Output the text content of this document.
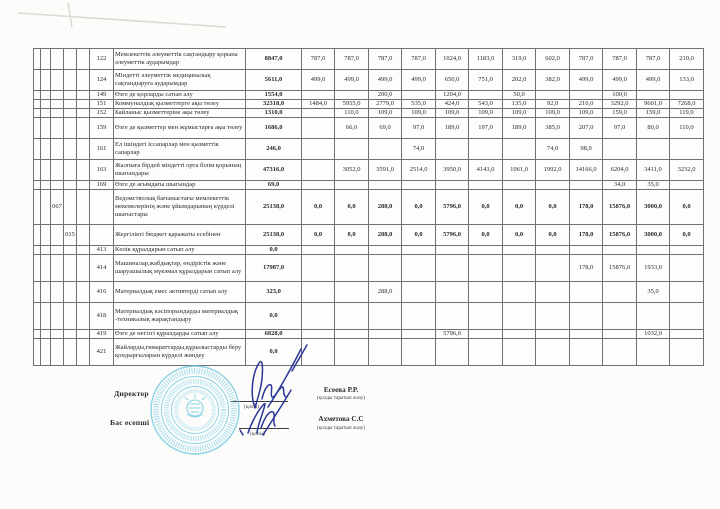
					122	Мемлекеттік әлеуметтік сақтандыру қорына әлеуметтік аударымдар	8847,0	787,0	787,0	787,0	787,0	1024,0	1183,0	319,0	602,0	787,0	787,0	787,0	210,0
					124	Міндетті әлеуметтік медициналық сақтандыруға аударымдар	5611,0	499,0	499,0	499,0	499,0	650,0	751,0	202,0	382,0	499,0	499,0	499,0	133,0
					149	Өзге де қорларды сатып алу	1554,0			200,0		1204,0		50,0			100,0		
					151	Коммуналдық қызметтерге ақы төлеу	32318,0	1484,0	5955,0	2779,0	535,0	424,0	543,0	135,0	92,0	210,0	3292,0	9601,0	7268,0
					152	Байланыс қызметтеріне ақы төлеу	1310,0		110,0	109,0	109,0	109,0	109,0	109,0	109,0	109,0	159,0	159,0	119,0
					159	Өзге де қызметтер мен жұмыстарға ақы төлеу	1686,0		66,0	69,0	97,0	189,0	197,0	189,0	385,0	207,0	97,0	80,0	110,0
					161	Ел ішіндегі іссапарлар мен қызметтік сапарлар	246,0				74,0				74,0	98,0			
					163	Жалпыға бірдей міндетті орта білім қорының шығындары	47316,0		3052,0	3591,0	2514,0	3950,0	4143,0	1061,0	1992,0	14166,0	6204,0	3411,0	3232,0
					169	Өзге де ағымдағы шығындар	69,0										34,0	35,0	
		067				Ведомстволық бағыныстағы мемлекеттік мекемелерінің және ұйымдарының күрделі шығыстары	25138,0	0,0	0,0	288,0	0,0	5796,0	0,0	0,0	0,0	178,0	15876,0	3000,0	0,0
			015			Жергілікті бюджет қаражаты есебінен	25138,0	0,0	0,0	288,0	0,0	5796,0	0,0	0,0	0,0	178,0	15876,0	3000,0	0,0
					413	Көлік құралдарын сатып алу	0,0												
					414	Машиналар,жабдықтар, өндірістік және шаруашылық мүкәмал құралдарын сатып алу	17987,0									178,0	15876,0	1933,0	
					416	Материалдық емес активтерді сатып алу	323,0			288,0								35,0	
					418	Материалдық кәсіпорындарды материалдық -техникалық жарақтандыру	0,0												
					419	Өзге де негізгі құралдарды сатып алу	6828,0					5796,0						1032,0	
					421	Жайларды,ғимараттарды,құрылыстарды беру қондырғыларын күрделі жөндеу	0,0												
Директор
Бас есепші
(қолы)
(қолы)
Есеева Р.Р.
(қолды таратып жазу)
Ахметова С.С
(қолды таратып жазу)
